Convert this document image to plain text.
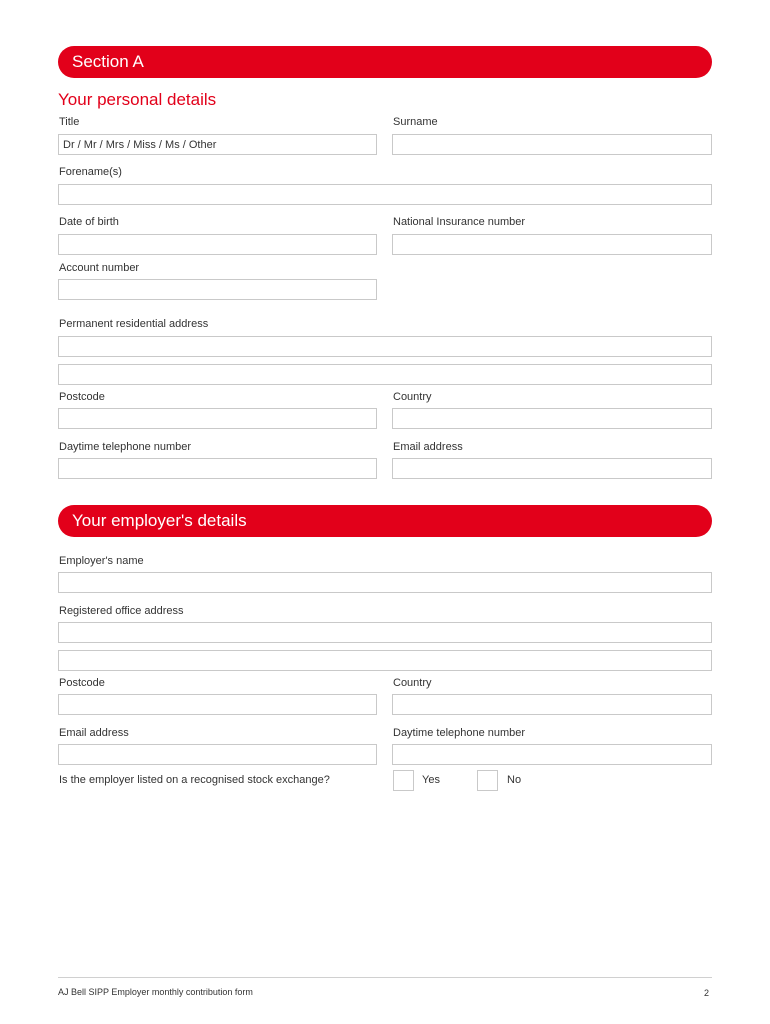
Section A
Your personal details
Title	Surname
Dr / Mr / Mrs / Miss / Ms / Other
Forename(s)
Date of birth	National Insurance number
Account number
Permanent residential address
Postcode	Country
Daytime telephone number	Email address
Your employer's details
Employer's name
Registered office address
Postcode	Country
Email address	Daytime telephone number
Is the employer listed on a recognised stock exchange?	Yes	No
AJ Bell SIPP Employer monthly contribution form	2
